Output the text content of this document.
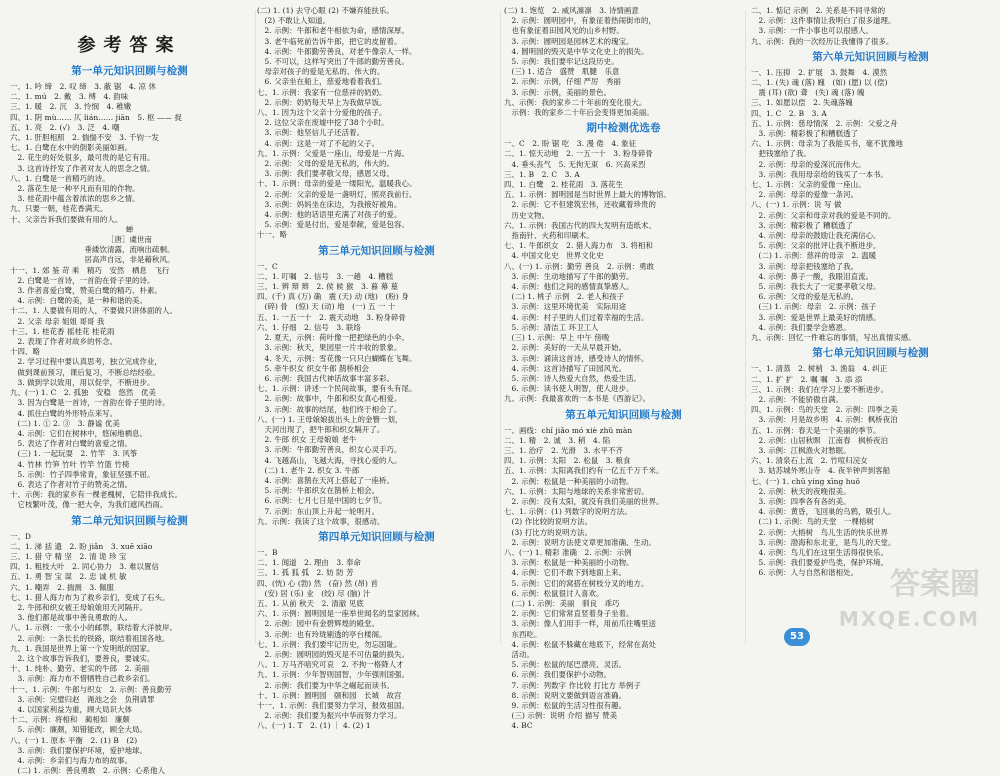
参考答案
第一单元知识回顾与检测
一、1. 吟 缔　2. 叹 缔　3. 蔽 锯　4. 凉 休
二、1. mú　2. 戴　3. 缚　4. 韵味
三、1. 暖　2. 沉　3. 怜悯　4. 稚嫩
四、1. 阴 mù…… 仄 lián…… jiān　5. 枢 —— 捉
五、1. 亮　2. (√)　3. 泛　4. 嘲
六、1. 肝胆相照　2. 惴惴不安　3. 千钧一发
七、1. 白鹭在水中的倒影美丽如画。
　2. 花生的好处很多，最可贵的是它有用。
　3. 这首诗抒发了作者对友人的思念之情。
八、1. 白鹭是一首精巧的诗。
　2. 落花生是一种平凡而有用的作物。
　3. 桂花雨中蕴含着浓浓的思乡之情。
九、只要一朝，桂花香满天。
十、父亲告诉我们要做有用的人。
蝉
［唐］虞世南
垂緌饮清露，流响出疏桐。
居高声自远，非是藉秋风。
十一、1. 郊 鉴 苛 乘　精巧　安然　栖息　飞行
　2. 白鹭是一首诗，一首韵在骨子里的诗。
　3. 作者喜爱白鹭，赞美白鹭的精巧、朴素。
　4. 示例：白鹭的美，是一种和谐的美。
十二、1. 人要做有用的人，不要做只讲体面的人。
　2. 父亲 母亲 姐姐 哥哥 我
十三、1. 桂花香 摇桂花 桂花雨
　2. 表现了作者对故乡的怀念。
十四、略
　2. 学习过程中要认真思考，独立完成作业，
　做到课前预习，课后复习，不断总结经验。
　3. 做到学以致用，用以促学，不断进步。
九、(一) 1. C　2. 孤独　安稳　悠然　优美
　3. 因为白鹭是一首诗，一首韵在骨子里的诗。
　4. 抓住白鹭的外形特点来写。
　(二) 1. ① 2. ③　3. 静谧 优美
　4. 示例：它们在树林中，悠闲地栖息。
　5. 表达了作者对白鹭的喜爱之情。
　(三) 1. 一起玩耍　2. 竹竿　3. 风筝
　4. 竹林 竹笋 竹叶 竹竿 竹篮 竹椅
　5. 示例：竹子四季常青，象征坚强不屈。
　6. 表达了作者对竹子的赞美之情。
十、示例：我的家乡有一棵老槐树，它陪伴我成长。
　它枝繁叶茂，像一把大伞，为我们遮风挡雨。
第二单元知识回顾与检测
一、D
二、1. 涕 括 遗　2. 盼 jiǎn　3. xuē xiāo
三、1. 猎 守 精 坚　2. 清 诡 珍 宝
四、1. 粗枝大叶　2. 同心协力　3. 难以置信
五、1. 勇 智 宝 谋　2. 忠 诚 机 敏
六、1. 嘲弄　2. 揣测　3. 佩服
七、1. 猎人海力布为了救乡亲们，变成了石头。
　2. 牛郎和织女被王母娘娘用天河隔开。
　3. 他们都是故事中善良勇敢的人。
八、1. 示例：一张小小的邮票，联结着大洋彼岸。
　2. 示例：一条长长的铁路，联结着祖国各地。
九、1. 我国是世界上第一个发明纸的国家。
　2. 这个故事告诉我们，要善良，要诚实。
十、1. 纯朴、勤劳、老实的牛郎　2. 美丽
　3. 示例：海力布不惜牺牲自己救乡亲们。
十一、1. 示例：牛郎与织女　2. 示例：善良勤劳
　3. 示例：完璧归赵　渑池之会　负荆请罪
　4. 以国家利益为重，顾大局识大体
十二、示例：将相和　蔺相如　廉颇
　5. 示例：廉颇，知错能改，顾全大局。
八、(一) 1. 原本 平衡　2. (1) B　(2)
　3. 示例：我们要保护环境，爱护地球。
　4. 示例：乡亲们与海力布的故事。
　(二) 1. 示例：善良勇敢　2. 示例：心系他人
(二) 1. (1) 去守心眼 (2) 不嫌弃能扶乐。
　(2) 不敢让人知道。
　2. 示例：牛郎和老牛相依为命，感情深厚。
　3. 老牛临死前告诉牛郎，把它的皮留着。
　4. 示例：牛郎勤劳善良，对老牛像亲人一样。
　5. 不可以，这样写突出了牛郎的勤劳善良。
　母亲对孩子的爱是无私的、伟大的。
　6. 父亲坐在船上，慈爱地看着我们。
七、1. 示例：我家有一位慈祥的奶奶。
　2. 示例：奶奶每天早上为我做早饭。
八、1. 因为这个父亲十分爱他的孩子。
　2. 这位父亲在废墟中挖了38个小时。
　3. 示例：他坚信儿子还活着。
　4. 示例：这是一对了不起的父子。
九、1. 示例：父爱是一座山，母爱是一片海。
　2. 示例：父母的爱是无私的，伟大的。
　3. 示例：我们要孝敬父母，感恩父母。
十、1. 示例：母亲的爱是一缕阳光，温暖我心。
　2. 示例：父亲的爱是一盏明灯，照亮我前行。
　3. 示例：妈妈坐在床边，为我掖好被角。
　4. 示例：他的话语里充满了对孩子的爱。
　5. 示例：爱是付出，爱是奉献，爱是包容。
十一、略
第三单元知识回顾与检测
一、C
二、1. 叮嘱　2. 信号　3. 一趟　4. 糟糕
三、1. 辨 辩 辫　2. 侯 候 猴　3. 暮 幕 墓
四、(千) 真 (万) 确　震 (天) 动 (地)　(粉) 身
　(碎) 骨　(惊) 天 (动) 地　(一) 五 一 十
五、1. 一五一十　2. 震天动地　3. 粉身碎骨
六、1. 仔细　2. 信号　3. 联络
　2. 夏天，示例：荷叶像一把把绿色的小伞。
　3. 示例：秋天，果园里一片丰收的景象。
　4. 冬天，示例：雪花像一只只白蝴蝶在飞舞。
　5. 牵牛织女 织女牛郎 鹊桥相会
　6. 示例：我国古代神话故事丰富多彩。
七、1. 示例：讲述一个民间故事，要有头有尾。
　2. 示例：故事中，牛郎和织女真心相爱。
　3. 示例：故事的结尾，他们终于相会了。
八、(一) 1. 王母娘娘拔出头上的金簪一划，
　天河出现了，把牛郎和织女隔开了。
　2. 牛郎 织女 王母娘娘 老牛
　3. 示例：牛郎勤劳善良，织女心灵手巧。
　4. 飞越高山，飞越大海，寻找心爱的人。
　(二) 1. 老牛 2. 织女 3. 牛郎
　4. 示例：喜鹊在天河上搭起了一座桥。
　5. 示例：牛郎织女在鹊桥上相会。
　6. 示例：七月七日是中国的七夕节。
　7. 示例：东山顶上升起一轮明月。
九、示例：我读了这个故事，很感动。
第四单元知识回顾与检测
一、B
二、1. 闻道　2. 理由　3. 奉命
三、1. 孤 狐 弧　2. 妨 防 芳
四、(恍) 心 (勃) 然　(奋) 然 (昂) 首
　(安) 居 (乐) 业　(绞) 尽 (脑) 汁
五、1. 从前 秋天　2. 清澈 见底
六、1. 示例：圆明园是一座举世闻名的皇家园林。
　2. 示例：园中有金碧辉煌的殿堂。
　3. 示例：也有玲珑剔透的亭台楼阁。
七、1. 示例：我们要牢记历史，勿忘国耻。
　2. 示例：圆明园的毁灭是不可估量的损失。
八、1. 万马齐喑究可哀　2. 不拘一格降人才
九、1. 示例：少年智则国智，少年强则国强。
　2. 示例：我们要为中华之崛起而读书。
十、1. 示例：圆明园　颐和园　长城　故宫
十一、1. 示例：我们要努力学习，报效祖国。
　2. 示例：我们要为振兴中华而努力学习。
八、(一) 1. T　2. (1) ｜ 4. (2) 1
(二) 1. 饱览　2. 威风凛凛　3. 诗情画意
　2. 示例：圆明园中，有象征着热闹街市的，
　也有象征着田园风光的山乡村野。
　3. 示例：圆明园是园林艺术的瑰宝。
　4. 圆明园的毁灭是中华文化史上的损失。
　5. 示例：我们要牢记这段历史。
　(三) 1. 适合　盛赞　肌腱　乐意
　2. 示例：示例，仔细 严厉　秀丽
　3. 示例：示例，美丽的景色。
九、示例：我的家乡二十年前的变化很大。
　示例：我的家乡二十年后会变得更加美丽。
期中检测优选卷
一、C　2. 盼 锯 吃　3. 漫 倦　4. 象征
二、1. 惊天动地　2. 一五一十　3. 粉身碎骨
　4. 垂头丧气　5. 无拘无束　6. 兴高采烈
三、1. B　2. C　3. A
四、1. 白鹭　2. 桂花雨　3. 落花生
五、1. 示例：圆明园是当时世界上最大的博物馆。
　2. 示例：它不但建筑宏伟，还收藏着珍贵的
　历史文物。
六、1. 示例：我国古代的四大发明有造纸术、
　指南针、火药和印刷术。
七、1. 牛郎织女　2. 猎人海力布　3. 将相和
　4. 中国文化史　世界文化史
八、(一) 1. 示例：勤劳 善良　2. 示例：勇敢
　3. 示例：生动地描写了牛郎的勤劳。
　4. 示例：他们之间的感情真挚感人。
　(二) 1. 桃子 示例　2. 老人和孩子
　3. 示例：这里环境优美　实际用途
　4. 示例：村子里的人们过着幸福的生活。
　5. 示例：清洁工 环卫工人
　(三) 1. 示例：早上 中午 傍晚
　2. 示例：美好的一天从早晨开始。
　3. 示例：诵读这首诗，感受诗人的情怀。
　4. 示例：这首诗描写了田园风光。
　5. 示例：诗人热爱大自然，热爱生活。
　6. 示例：读书使人明智，使人进步。
九、示例：我最喜欢的一本书是《西游记》。
第五单元知识回顾与检测
一、画线：chǐ jiǎo mó xiè zhǔ màn
二、1. 精　2. 诚　3. 稍　4. 陷
三、1. 治疗　2. 光滑　3. 水平不齐
四、1. 示例：太阳　2. 松鼠　3. 粮食
五、1. 示例：太阳离我们约有一亿五千万千米。
　2. 示例：松鼠是一种美丽的小动物。
六、1. 示例：太阳与地球的关系非常密切。
　2. 示例：没有太阳，就没有我们美丽的世界。
七、1. 示例：(1) 列数字的说明方法。
　(2) 作比较的说明方法。
　(3) 打比方的说明方法。
　2. 示例：说明方法使文章更加准确、生动。
八、(一) 1. 精彩 准确　2. 示例：示例
　3. 示例：松鼠是一种美丽的小动物。
　4. 示例：它们不敢下到地面上来。
　5. 示例：它们的窝搭在树枝分叉的地方。
　6. 示例：松鼠很讨人喜欢。
　(二) 1. 示例：美丽　驯良　乖巧
　2. 示例：它们常常直竖着身子坐着。
　3. 示例：像人们用手一样，用前爪往嘴里送
　东西吃。
　4. 示例：松鼠不躲藏在地底下，经常在高处
　活动。
　5. 示例：松鼠的尾巴漂亮、灵活。
　6. 示例：我们要保护小动物。
　7. 示例：列数字 作比较 打比方 举例子
　8. 示例：说明文要做到语言准确。
　9. 示例：松鼠的生活习性很有趣。
　(三) 示例：说明 介绍 描写 赞美
　4. BC
二、1. 惦记 示例　2. 关系是不同寻常的
　2. 示例：这件事情让我明白了很多道理。
　3. 示例：一件小事也可以很感人。
九、示例：我的一次经历让我懂得了很多。
第六单元知识回顾与检测
一、1. 压抑　2. 扩展　3. 鼓舞　4. 漠然
二、1. (失) 魂 (落) 魄　(如) (愿) 以 (偿)
　震 (耳) (欲) 聋　(失) 魂 (落) 魄
三、1. 如愿以偿　2. 失魂落魄
四、1. C　2. B　3. A
五、1. 示例：慈母情深　2. 示例：父爱之舟
　3. 示例：精彩极了和糟糕透了
六、1. 示例：母亲为了我能买书，毫不犹豫地
　把钱塞给了我。
　2. 示例：母亲的爱深沉而伟大。
　3. 示例：我用母亲给的钱买了一本书。
七、1. 示例：父亲的爱像一座山。
　2. 示例：母亲的爱像一条河。
八、(一) 1. 示例：说 写 做
　2. 示例：父亲和母亲对我的爱是不同的。
　3. 示例：精彩极了 糟糕透了
　4. 示例：母亲的鼓励让我充满信心。
　5. 示例：父亲的批评让我不断进步。
　(二) 1. 示例：慈祥的母亲　2. 温暖
　3. 示例：母亲把钱塞给了我。
　4. 示例：鼻子一酸，我眼泪直流。
　5. 示例：我长大了一定要孝敬父母。
　6. 示例：父母的爱是无私的。
　(三) 1. 示例：母亲　2. 示例：孩子
　3. 示例：爱是世界上最美好的情感。
　4. 示例：我们要学会感恩。
九、示例：回忆一件难忘的事情，写出真情实感。
第七单元知识回顾与检测
一、1. 清蒸　2. 树梢　3. 渔翁　4. 纠正
二、1. 扩 扩　2. 嘱 嘱　3. 添 添
三、1. 示例：我们在学习上要不断进步。
　2. 示例：不能骄傲自满。
四、1. 示例：鸟的天堂　2. 示例：四季之美
　3. 示例：月是故乡明　4. 示例：枫桥夜泊
五、1. 示例：春天是一个美丽的季节。
　2. 示例：山居秋暝　江南春　枫桥夜泊
　3. 示例：江枫渔火对愁眠。
六、1. 清泉石上流　2. 竹喧归浣女
　3. 姑苏城外寒山寺　4. 夜半钟声到客船
七、(一) 1. chū yíng xīng huǒ
　2. 示例：秋天的夜晚很美。
　3. 示例：四季各有各的美。
　4. 示例：黄昏，飞回巢的乌鸦，吸引人。
　(二) 1. 示例：鸟的天堂　一棵榕树
　2. 示例：大榕树　鸟儿生活的快乐世界
　3. 示例：渤海和东北亚，是鸟儿的天堂。
　4. 示例：鸟儿们在这里生活得很快乐。
　5. 示例：我们要爱护鸟类，保护环境。
　6. 示例：人与自然和谐相处。
53
答案圈
MXQE.COM
